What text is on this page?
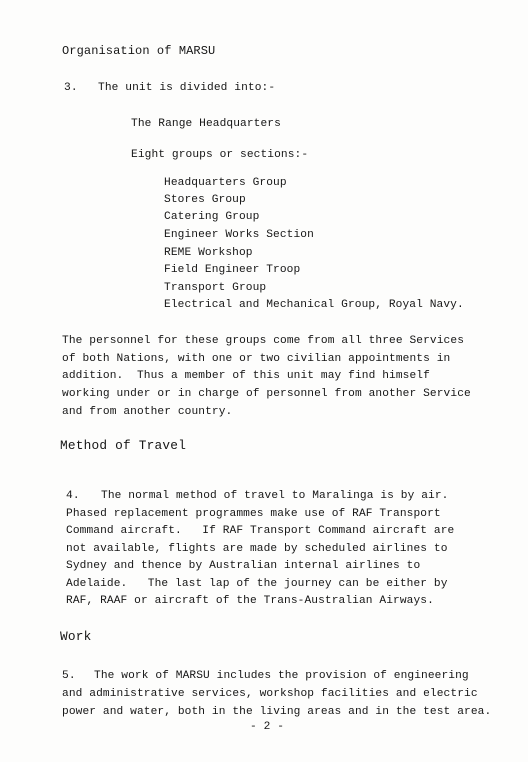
Organisation of MARSU
3. The unit is divided into:-
The Range Headquarters
Eight groups or sections:-
Headquarters Group
Stores Group
Catering Group
Engineer Works Section
REME Workshop
Field Engineer Troop
Transport Group
Electrical and Mechanical Group, Royal Navy.
The personnel for these groups come from all three Services
of both Nations, with one or two civilian appointments in
addition.  Thus a member of this unit may find himself
working under or in charge of personnel from another Service
and from another country.
Method of Travel
4. The normal method of travel to Maralinga is by air.
Phased replacement programmes make use of RAF Transport
Command aircraft.   If RAF Transport Command aircraft are
not available, flights are made by scheduled airlines to
Sydney and thence by Australian internal airlines to
Adelaide.   The last lap of the journey can be either by
RAF, RAAF or aircraft of the Trans-Australian Airways.
Work
5. The work of MARSU includes the provision of engineering
and administrative services, workshop facilities and electric
power and water, both in the living areas and in the test area.
- 2 -
